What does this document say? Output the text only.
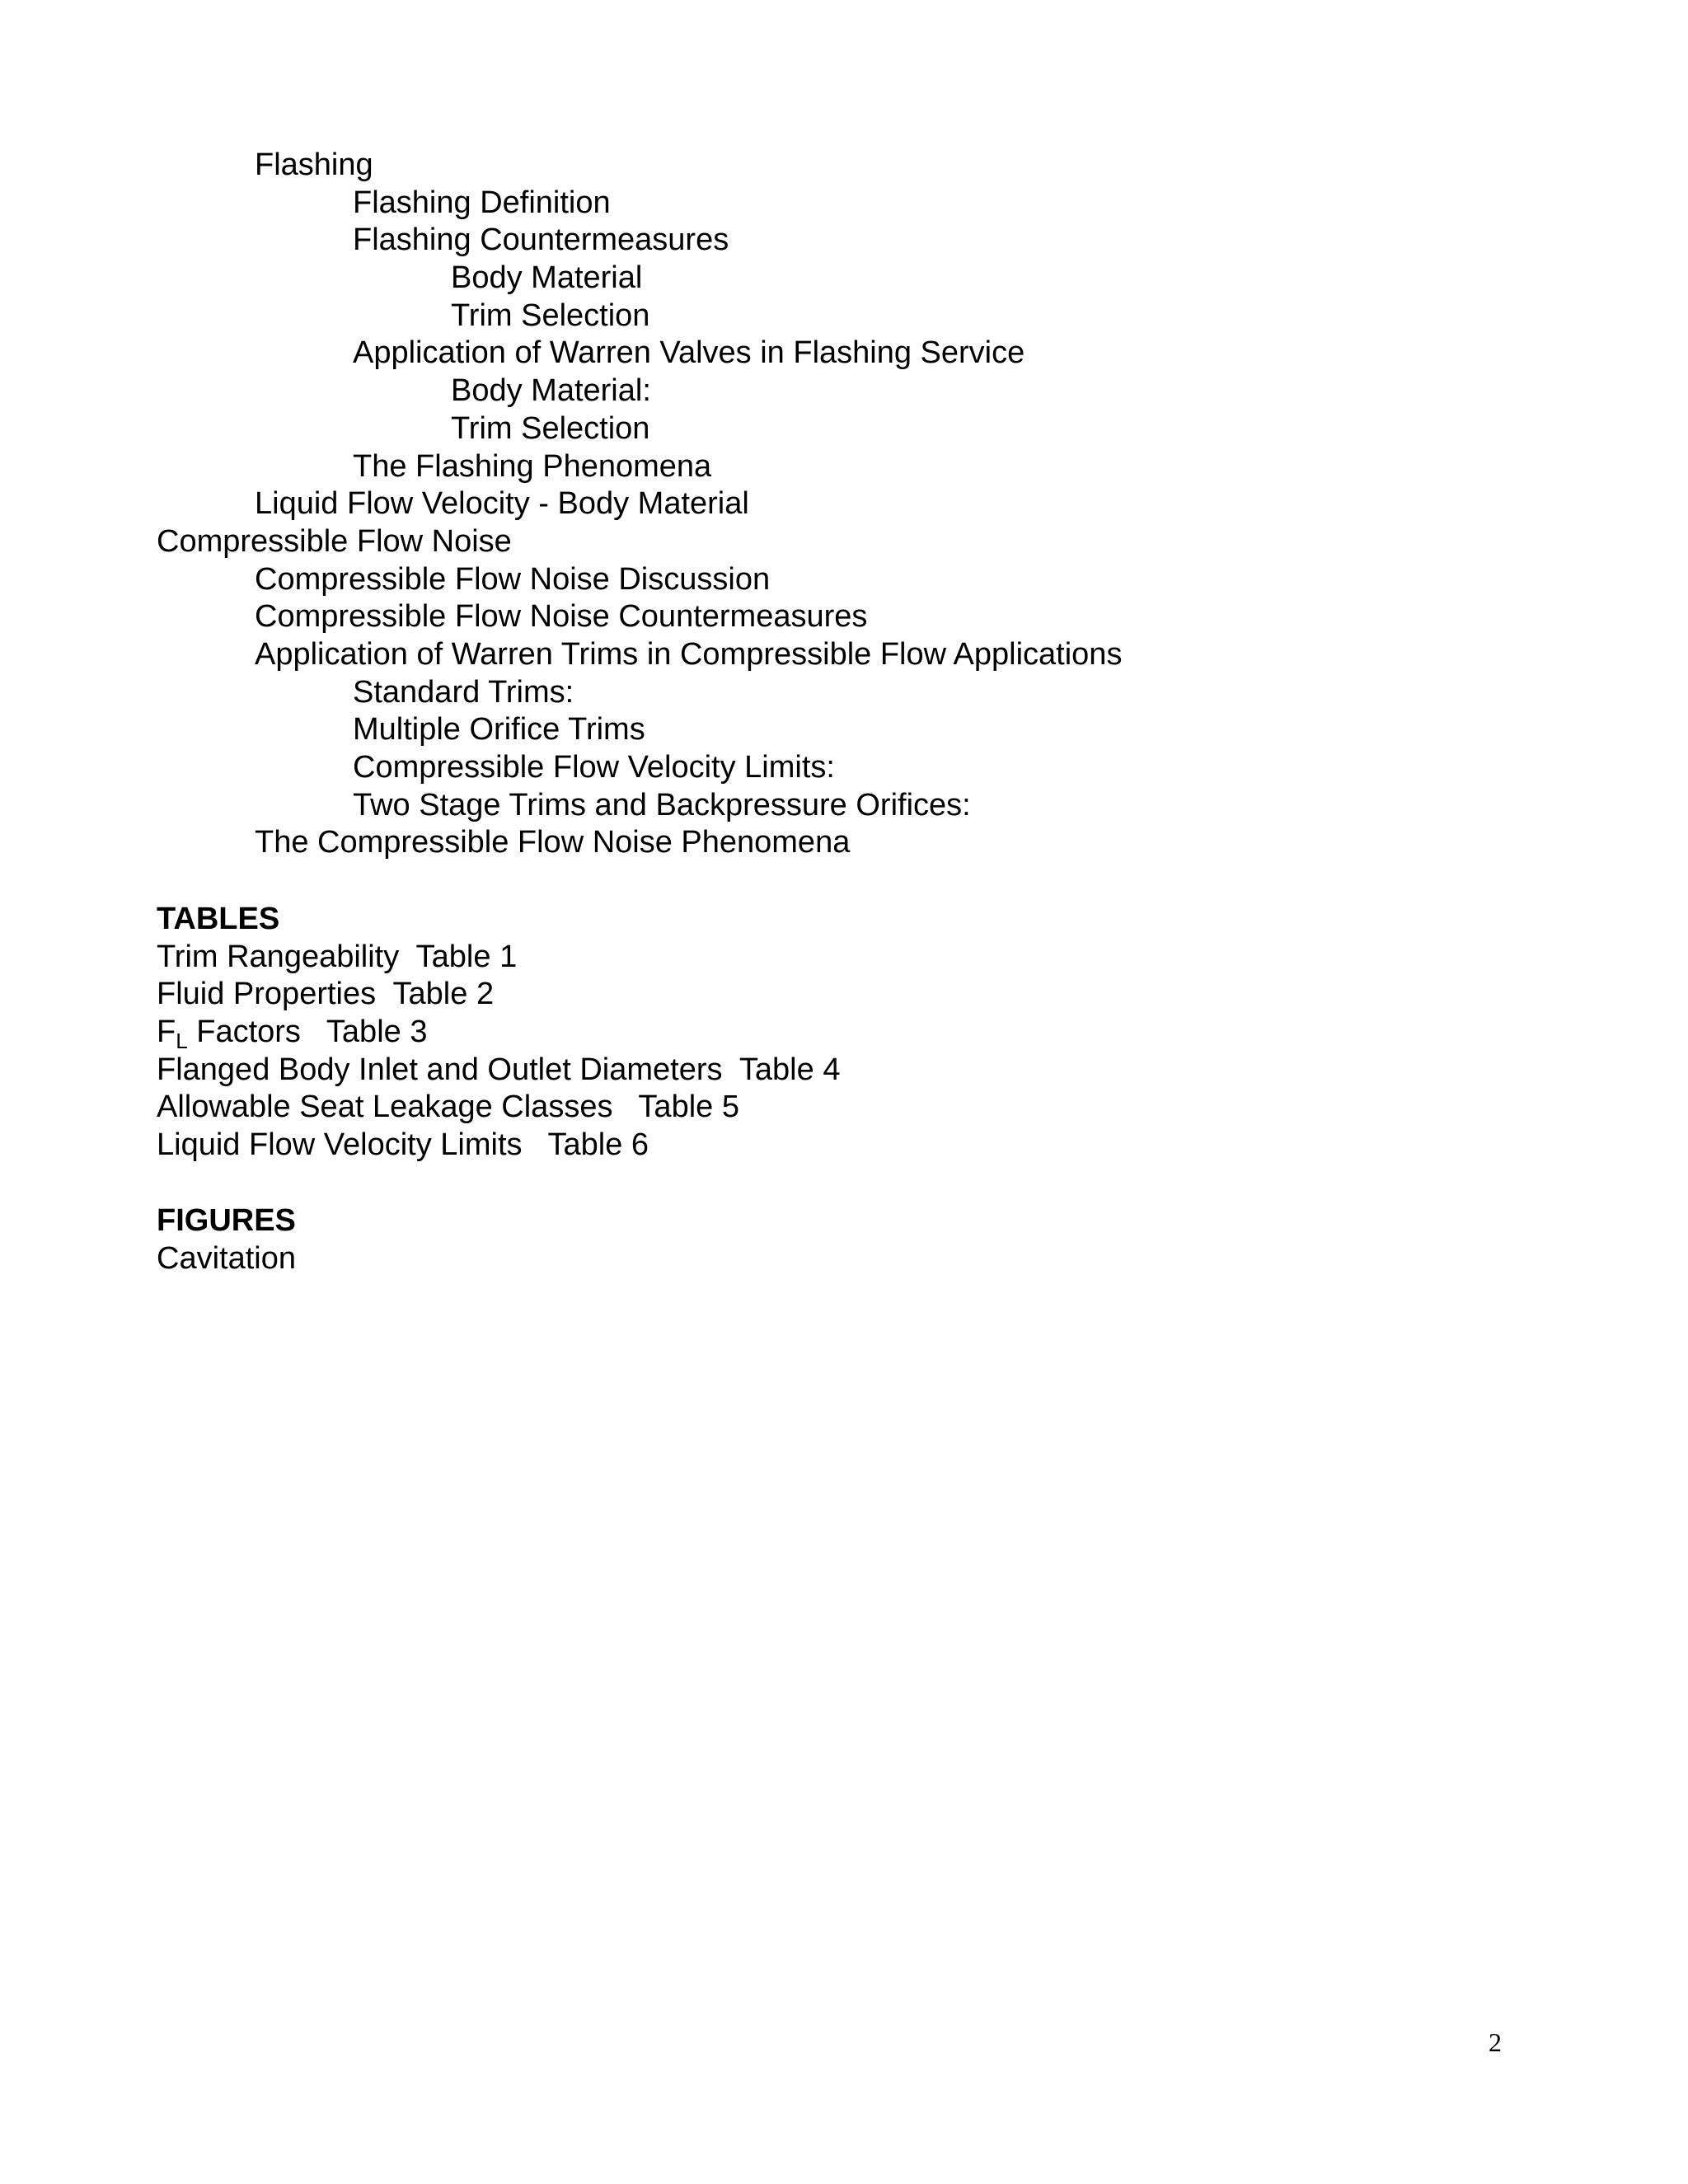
Flashing
Flashing Definition
Flashing Countermeasures
Body Material
Trim Selection
Application of Warren Valves in Flashing Service
Body Material:
Trim Selection
The Flashing Phenomena
Liquid Flow Velocity - Body Material
Compressible Flow Noise
Compressible Flow Noise Discussion
Compressible Flow Noise Countermeasures
Application of Warren Trims in Compressible Flow Applications
Standard Trims:
Multiple Orifice Trims
Compressible Flow Velocity Limits:
Two Stage Trims and Backpressure Orifices:
The Compressible Flow Noise Phenomena
TABLES
Trim Rangeability  Table 1
Fluid Properties  Table 2
$F_L$ Factors   Table 3
Flanged Body Inlet and Outlet Diameters  Table 4
Allowable Seat Leakage Classes   Table 5
Liquid Flow Velocity Limits   Table 6
FIGURES
Cavitation
2
